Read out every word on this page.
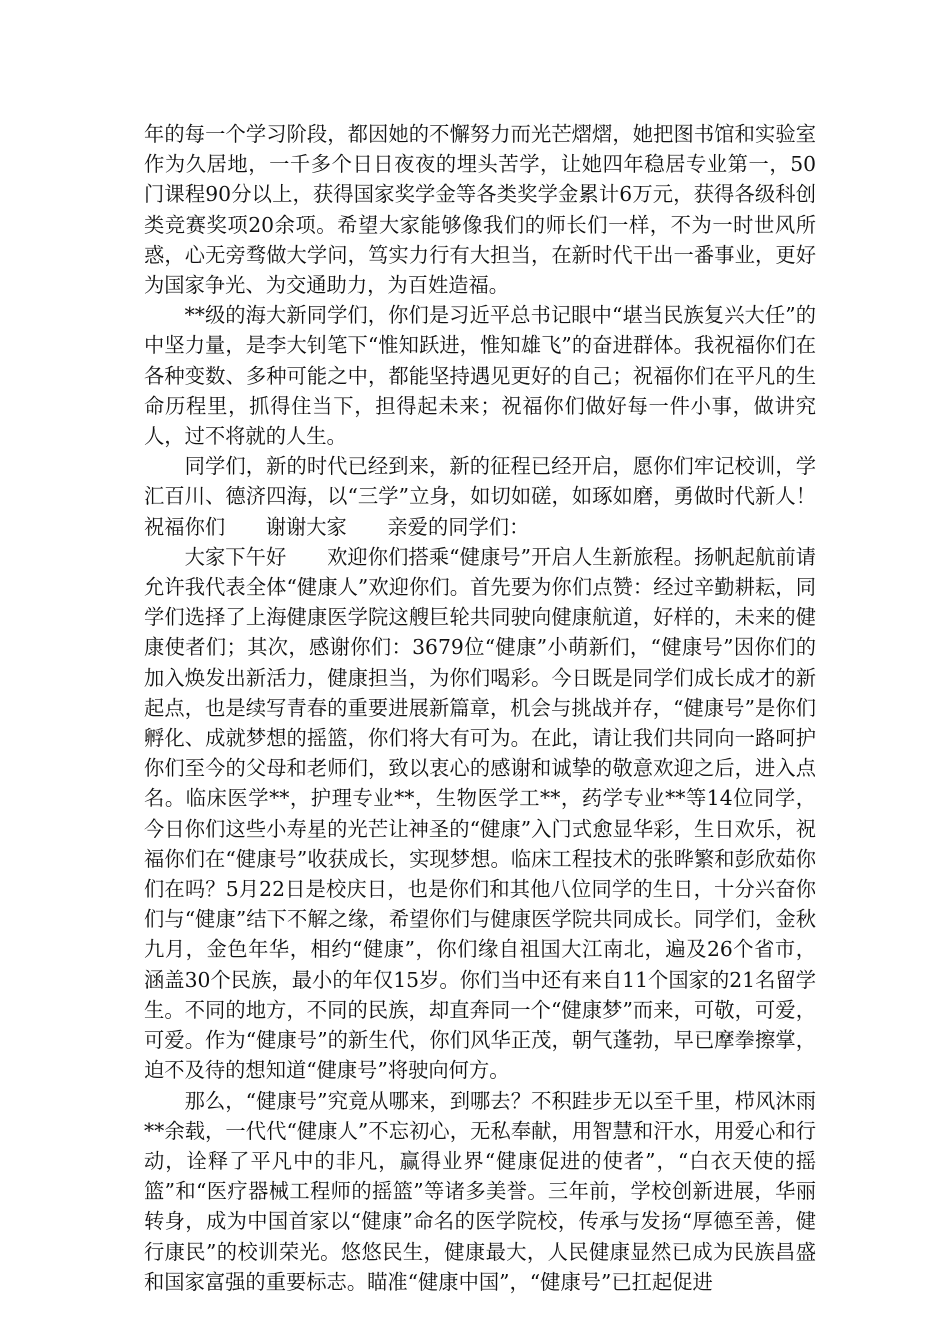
年的每一个学习阶段，都因她的不懈努力而光芒熠熠，她把图书馆和实验室作为久居地，一千多个日日夜夜的埋头苦学，让她四年稳居专业第一，50门课程90分以上，获得国家奖学金等各类奖学金累计6万元，获得各级科创类竞赛奖项20余项。希望大家能够像我们的师长们一样，不为一时世风所惑，心无旁骛做大学问，笃实力行有大担当，在新时代干出一番事业，更好为国家争光、为交通助力，为百姓造福。

**级的海大新同学们，你们是习近平总书记眼中“堪当民族复兴大任”的中坚力量，是李大钊笔下“惟知跃进，惟知雄飞”的奋进群体。我祝福你们在各种变数、多种可能之中，都能坚持遇见更好的自己；祝福你们在平凡的生命历程里，抓得住当下，担得起未来；祝福你们做好每一件小事，做讲究人，过不将就的人生。

同学们，新的时代已经到来，新的征程已经开启，愿你们牢记校训，学汇百川、德济四海，以“三学”立身，如切如磋，如琢如磨，勇做时代新人！祝福你们　　谢谢大家　　亲爱的同学们：

大家下午好　　欢迎你们搭乘“健康号”开启人生新旅程。扬帆起航前请允许我代表全体“健康人”欢迎你们。首先要为你们点赞：经过辛勤耕耘，同学们选择了上海健康医学院这艘巨轮共同驶向健康航道，好样的，未来的健康使者们；其次，感谢你们：3679位“健康”小萌新们，“健康号”因你们的加入焕发出新活力，健康担当，为你们喝彩。今日既是同学们成长成才的新起点，也是续写青春的重要进展新篇章，机会与挑战并存，“健康号”是你们孵化、成就梦想的摇篮，你们将大有可为。在此，请让我们共同向一路呵护你们至今的父母和老师们，致以衷心的感谢和诚挚的敬意欢迎之后，进入点名。临床医学**，护理专业**，生物医学工**，药学专业**等14位同学，今日你们这些小寿星的光芒让神圣的“健康”入门式愈显华彩，生日欢乐，祝福你们在“健康号”收获成长，实现梦想。临床工程技术的张晔繁和彭欣茹你们在吗？5月22日是校庆日，也是你们和其他八位同学的生日，十分兴奋你们与“健康”结下不解之缘，希望你们与健康医学院共同成长。同学们，金秋九月，金色年华，相约“健康”，你们缘自祖国大江南北，遍及26个省市，涵盖30个民族，最小的年仅15岁。你们当中还有来自11个国家的21名留学生。不同的地方，不同的民族，却直奔同一个“健康梦”而来，可敬，可爱，可爱。作为“健康号”的新生代，你们风华正茂，朝气蓬勃，早已摩拳擦掌，迫不及待的想知道“健康号”将驶向何方。

那么，“健康号”究竟从哪来，到哪去？不积跬步无以至千里，栉风沐雨**余载，一代代“健康人”不忘初心，无私奉献，用智慧和汗水，用爱心和行动，诠释了平凡中的非凡，赢得业界“健康促进的使者”，“白衣天使的摇篮”和“医疗器械工程师的摇篮”等诸多美誉。三年前，学校创新进展，华丽转身，成为中国首家以“健康”命名的医学院校，传承与发扬“厚德至善，健行康民”的校训荣光。悠悠民生，健康最大，人民健康显然已成为民族昌盛和国家富强的重要标志。瞄准“健康中国”，“健康号”已扛起促进
